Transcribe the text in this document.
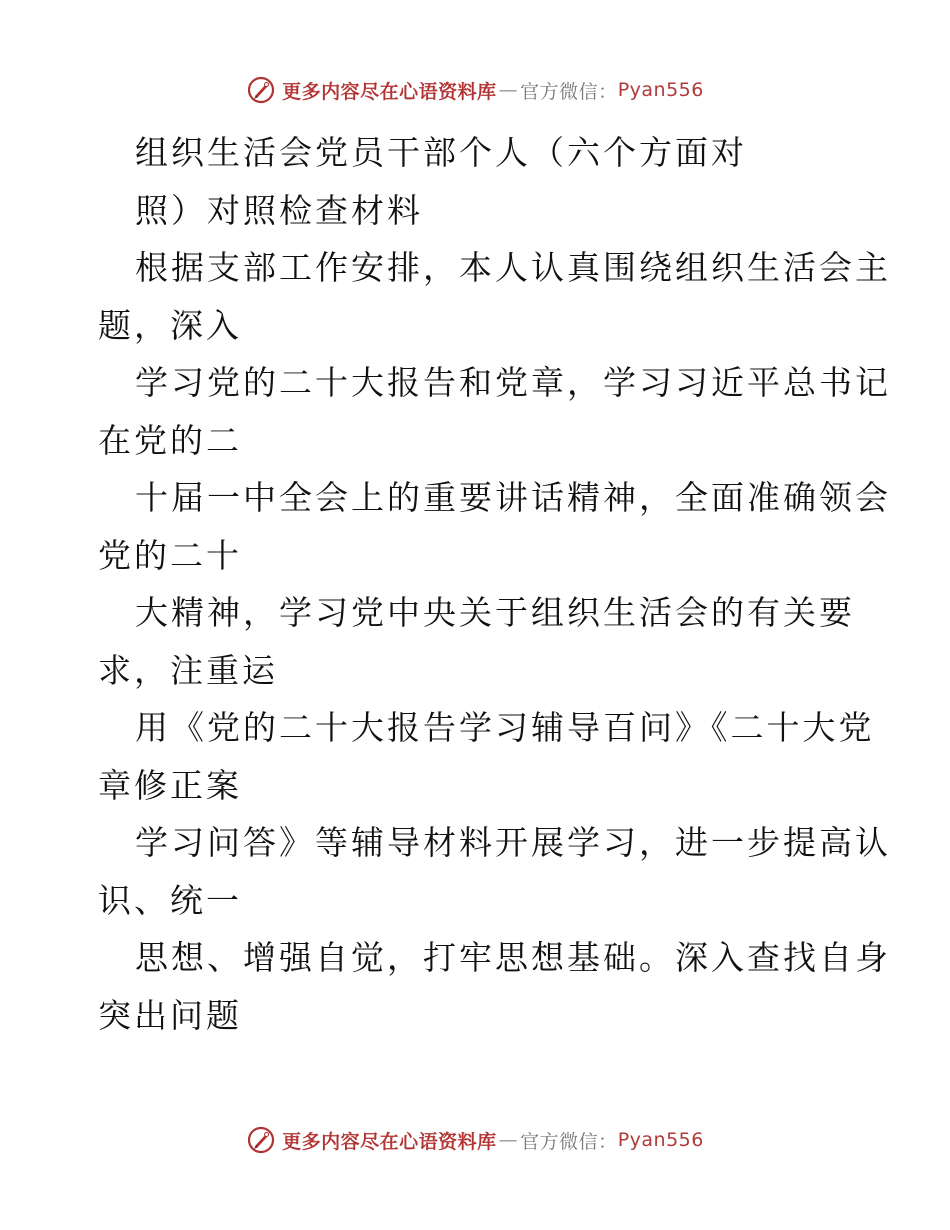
更多内容尽在心语资料库 — 官方微信： Pyan556
组织生活会党员干部个人（六个方面对
照）对照检查材料
根据支部工作安排，本人认真围绕组织生活会主
题，深入
学习党的二十大报告和党章，学习习近平总书记
在党的二
十届一中全会上的重要讲话精神，全面准确领会
党的二十
大精神，学习党中央关于组织生活会的有关要
求，注重运
用《党的二十大报告学习辅导百问》《二十大党
章修正案
学习问答》等辅导材料开展学习，进一步提高认
识、统一
思想、增强自觉，打牢思想基础。深入查找自身
突出问题
更多内容尽在心语资料库 — 官方微信： Pyan556
